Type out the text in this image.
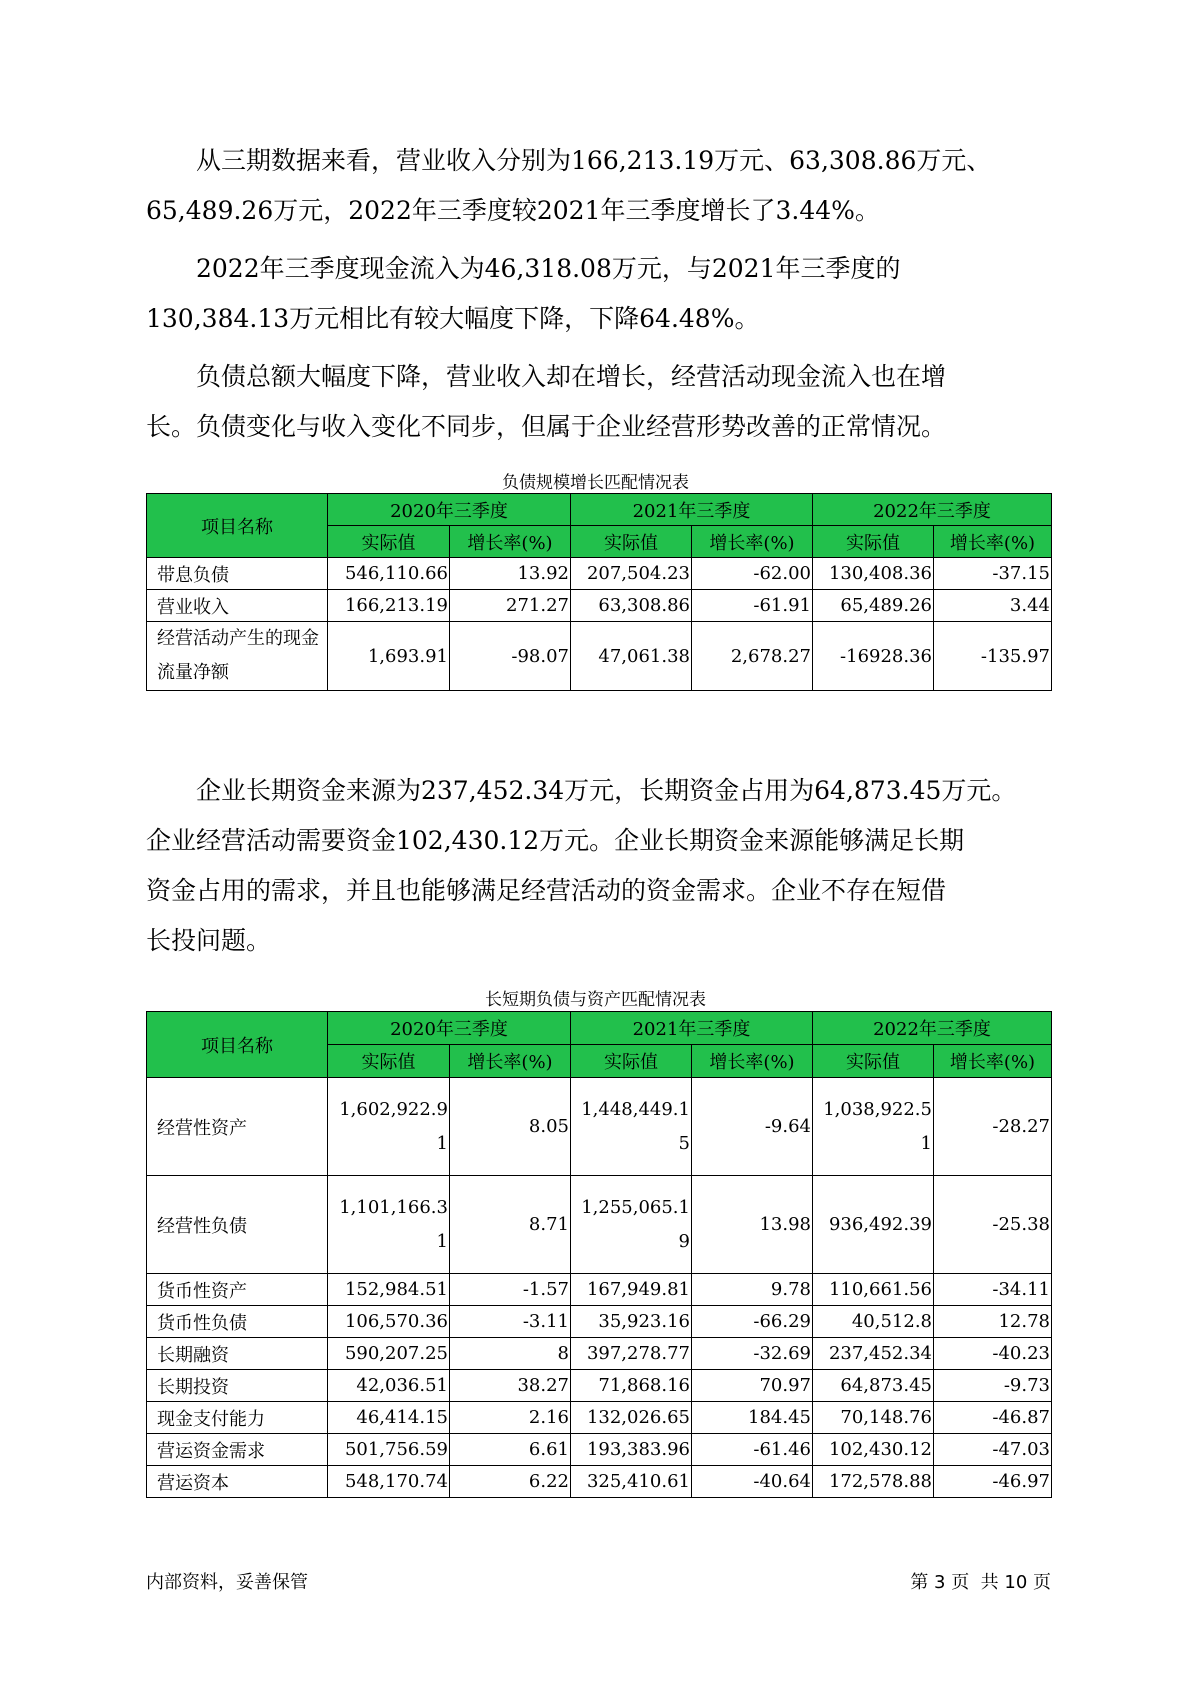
从三期数据来看，营业收入分别为166,213.19万元、63,308.86万元、

65,489.26万元，2022年三季度较2021年三季度增长了3.44%。

2022年三季度现金流入为46,318.08万元，与2021年三季度的

130,384.13万元相比有较大幅度下降，下降64.48%。

负债总额大幅度下降，营业收入却在增长，经营活动现金流入也在增

长。负债变化与收入变化不同步，但属于企业经营形势改善的正常情况。

负债规模增长匹配情况表
项目名称	2020年三季度		2021年三季度		2022年三季度	
	实际值	增长率(%)	实际值	增长率(%)	实际值	增长率(%)
带息负债	546,110.66	13.92	207,504.23	-62.00	130,408.36	-37.15
营业收入	166,213.19	271.27	63,308.86	-61.91	65,489.26	3.44
经营活动产生的现金流量净额	1,693.91	-98.07	47,061.38	2,678.27	-16928.36	-135.97

企业长期资金来源为237,452.34万元，长期资金占用为64,873.45万元。

企业经营活动需要资金102,430.12万元。企业长期资金来源能够满足长期
资金占用的需求，并且也能够满足经营活动的资金需求。企业不存在短借
长投问题。

长短期负债与资产匹配情况表
项目名称	2020年三季度		2021年三季度		2022年三季度	
	实际值	增长率(%)	实际值	增长率(%)	实际值	增长率(%)
经营性资产	1,602,922.91	8.05	1,448,449.15	-9.64	1,038,922.51	-28.27
经营性负债	1,101,166.31	8.71	1,255,065.19	13.98	936,492.39	-25.38
货币性资产	152,984.51	-1.57	167,949.81	9.78	110,661.56	-34.11
货币性负债	106,570.36	-3.11	35,923.16	-66.29	40,512.8	12.78
长期融资	590,207.25	8	397,278.77	-32.69	237,452.34	-40.23
长期投资	42,036.51	38.27	71,868.16	70.97	64,873.45	-9.73
现金支付能力	46,414.15	2.16	132,026.65	184.45	70,148.76	-46.87
营运资金需求	501,756.59	6.61	193,383.96	-61.46	102,430.12	-47.03
营运资本	548,170.74	6.22	325,410.61	-40.64	172,578.88	-46.97
内部资料，妥善保管	第 3 页  共 10 页
